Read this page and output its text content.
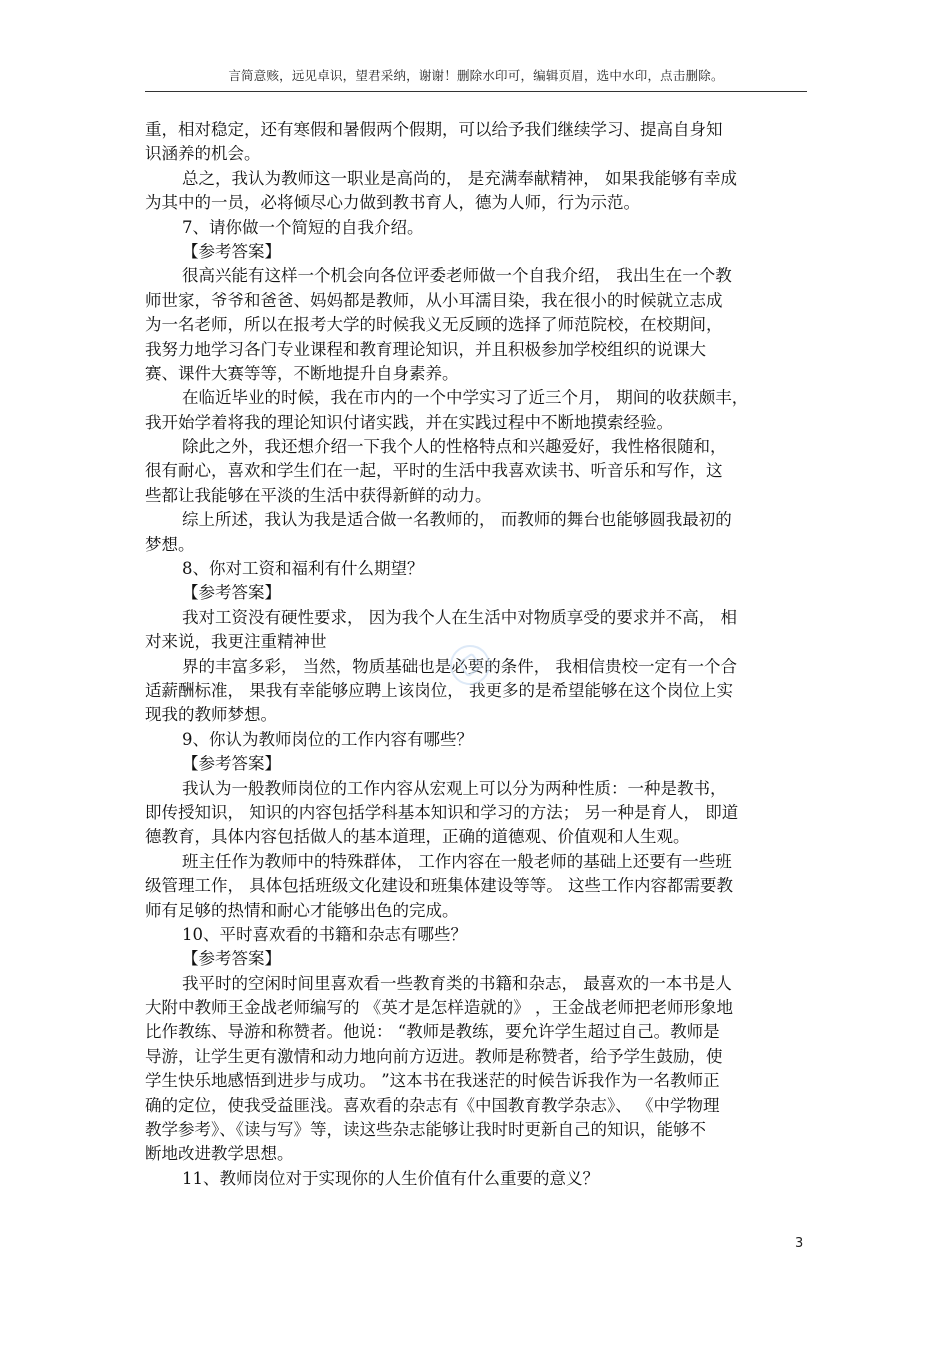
言简意赅，远见卓识，望君采纳，谢谢！删除水印可，编辑页眉，选中水印，点击删除。
重，相对稳定，还有寒假和暑假两个假期，可以给予我们继续学习、提高自身知
识涵养的机会。
总之，我认为教师这一职业是高尚的， 是充满奉献精神， 如果我能够有幸成
为其中的一员，必将倾尽心力做到教书育人，德为人师，行为示范。
7、请你做一个简短的自我介绍。
【参考答案】
很高兴能有这样一个机会向各位评委老师做一个自我介绍， 我出生在一个教
师世家，爷爷和爸爸、妈妈都是教师，从小耳濡目染，我在很小的时候就立志成
为一名老师，所以在报考大学的时候我义无反顾的选择了师范院校，在校期间，
我努力地学习各门专业课程和教育理论知识，并且积极参加学校组织的说课大
赛、课件大赛等等，不断地提升自身素养。
在临近毕业的时候，我在市内的一个中学实习了近三个月， 期间的收获颇丰，
我开始学着将我的理论知识付诸实践，并在实践过程中不断地摸索经验。
除此之外，我还想介绍一下我个人的性格特点和兴趣爱好，我性格很随和，
很有耐心，喜欢和学生们在一起，平时的生活中我喜欢读书、听音乐和写作，这
些都让我能够在平淡的生活中获得新鲜的动力。
综上所述，我认为我是适合做一名教师的， 而教师的舞台也能够圆我最初的
梦想。
8、你对工资和福利有什么期望？
【参考答案】
我对工资没有硬性要求， 因为我个人在生活中对物质享受的要求并不高， 相
对来说，我更注重精神世
界的丰富多彩， 当然，物质基础也是必要的条件， 我相信贵校一定有一个合
适薪酬标准， 果我有幸能够应聘上该岗位， 我更多的是希望能够在这个岗位上实
现我的教师梦想。
9、你认为教师岗位的工作内容有哪些？
【参考答案】
我认为一般教师岗位的工作内容从宏观上可以分为两种性质：一种是教书，
即传授知识， 知识的内容包括学科基本知识和学习的方法； 另一种是育人， 即道
德教育，具体内容包括做人的基本道理，正确的道德观、价值观和人生观。
班主任作为教师中的特殊群体， 工作内容在一般老师的基础上还要有一些班
级管理工作， 具体包括班级文化建设和班集体建设等等。 这些工作内容都需要教
师有足够的热情和耐心才能够出色的完成。
10、平时喜欢看的书籍和杂志有哪些？
【参考答案】
我平时的空闲时间里喜欢看一些教育类的书籍和杂志， 最喜欢的一本书是人
大附中教师王金战老师编写的 《英才是怎样造就的》 ，王金战老师把老师形象地
比作教练、导游和称赞者。他说： “教师是教练，要允许学生超过自己。教师是
导游，让学生更有激情和动力地向前方迈进。教师是称赞者，给予学生鼓励，使
学生快乐地感悟到进步与成功。 ”这本书在我迷茫的时候告诉我作为一名教师正
确的定位，使我受益匪浅。喜欢看的杂志有《中国教育教学杂志》、 《中学物理
教学参考》、《读与写》等，读这些杂志能够让我时时更新自己的知识，能够不
断地改进教学思想。
11、教师岗位对于实现你的人生价值有什么重要的意义？
3
